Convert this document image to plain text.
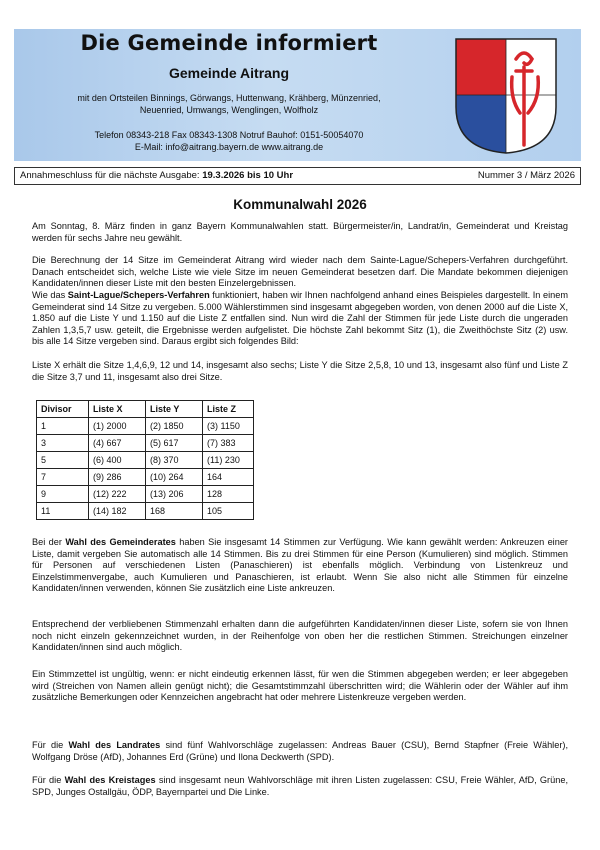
Die Gemeinde informiert
Gemeinde Aitrang
mit den Ortsteilen Binnings, Görwangs, Huttenwang, Krähberg, Münzenried,
Neuenried, Umwangs, Wenglingen, Wolfholz
Telefon 08343-218 Fax 08343-1308 Notruf Bauhof: 0151-50054070
E-Mail: info@aitrang.bayern.de www.aitrang.de
Annahmeschluss für die nächste Ausgabe: 19.3.2026 bis 10 Uhr	Nummer 3 / März 2026
Kommunalwahl 2026

Am Sonntag, 8. März finden in ganz Bayern Kommunalwahlen statt. Bürgermeister/in, Landrat/in, Gemeinderat und Kreistag werden für sechs Jahre neu gewählt.

Die Berechnung der 14 Sitze im Gemeinderat Aitrang wird wieder nach dem Sainte-Lague/Schepers-Verfahren durchgeführt. Danach entscheidet sich, welche Liste wie viele Sitze im neuen Gemeinderat besetzen darf. Die Mandate bekommen diejenigen Kandidaten/innen dieser Liste mit den besten Einzelergebnissen.

Wie das Saint-Lague/Schepers-Verfahren funktioniert, haben wir Ihnen nachfolgend anhand eines Beispieles dargestellt. In einem Gemeinderat sind 14 Sitze zu vergeben. 5.000 Wählerstimmen sind insgesamt abgegeben worden, von denen 2000 auf die Liste X, 1.850 auf die Liste Y und 1.150 auf die Liste Z entfallen sind. Nun wird die Zahl der Stimmen für jede Liste durch die ungeraden Zahlen 1,3,5,7 usw. geteilt, die Ergebnisse werden aufgelistet. Die höchste Zahl bekommt Sitz (1), die Zweithöchste Sitz (2) usw. bis alle 14 Sitze vergeben sind. Daraus ergibt sich folgendes Bild:

Liste X erhält die Sitze 1,4,6,9, 12 und 14, insgesamt also sechs; Liste Y die Sitze 2,5,8, 10 und 13, insgesamt also fünf und Liste Z die Sitze 3,7 und 11, insgesamt also drei Sitze.

Divisor	Liste X	Liste Y	Liste Z
1	(1) 2000	(2) 1850	(3) 1150
3	(4) 667	(5) 617	(7) 383
5	(6) 400	(8) 370	(11) 230
7	(9) 286	(10) 264	164
9	(12) 222	(13) 206	128
11	(14) 182	168	105

Bei der Wahl des Gemeinderates haben Sie insgesamt 14 Stimmen zur Verfügung. Wie kann gewählt werden: Ankreuzen einer Liste, damit vergeben Sie automatisch alle 14 Stimmen. Bis zu drei Stimmen für eine Person (Kumulieren) sind möglich. Stimmen für Personen auf verschiedenen Listen (Panaschieren) ist ebenfalls möglich. Verbindung von Listenkreuz und Einzelstimmenvergabe, auch Kumulieren und Panaschieren, ist erlaubt. Wenn Sie also nicht alle Stimmen für einzelne Kandidaten/innen verwenden, können Sie zusätzlich eine Liste ankreuzen.

Entsprechend der verbliebenen Stimmenzahl erhalten dann die aufgeführten Kandidaten/innen dieser Liste, sofern sie von Ihnen noch nicht einzeln gekennzeichnet wurden, in der Reihenfolge von oben her die restlichen Stimmen. Streichungen einzelner Kandidaten/innen sind auch möglich.

Ein Stimmzettel ist ungültig, wenn: er nicht eindeutig erkennen lässt, für wen die Stimmen abgegeben werden; er leer abgegeben wird (Streichen von Namen allein genügt nicht); die Gesamtstimmzahl überschritten wird; die Wählerin oder der Wähler auf ihm zusätzliche Bemerkungen oder Kennzeichen angebracht hat oder mehrere Listenkreuze vergeben werden.

Für die Wahl des Landrates sind fünf Wahlvorschläge zugelassen: Andreas Bauer (CSU), Bernd Stapfner (Freie Wähler), Wolfgang Dröse (AfD), Johannes Erd (Grüne) und Ilona Deckwerth (SPD).

Für die Wahl des Kreistages sind insgesamt neun Wahlvorschläge mit ihren Listen zugelassen: CSU, Freie Wähler, AfD, Grüne, SPD, Junges Ostallgäu, ÖDP, Bayernpartei und Die Linke.
